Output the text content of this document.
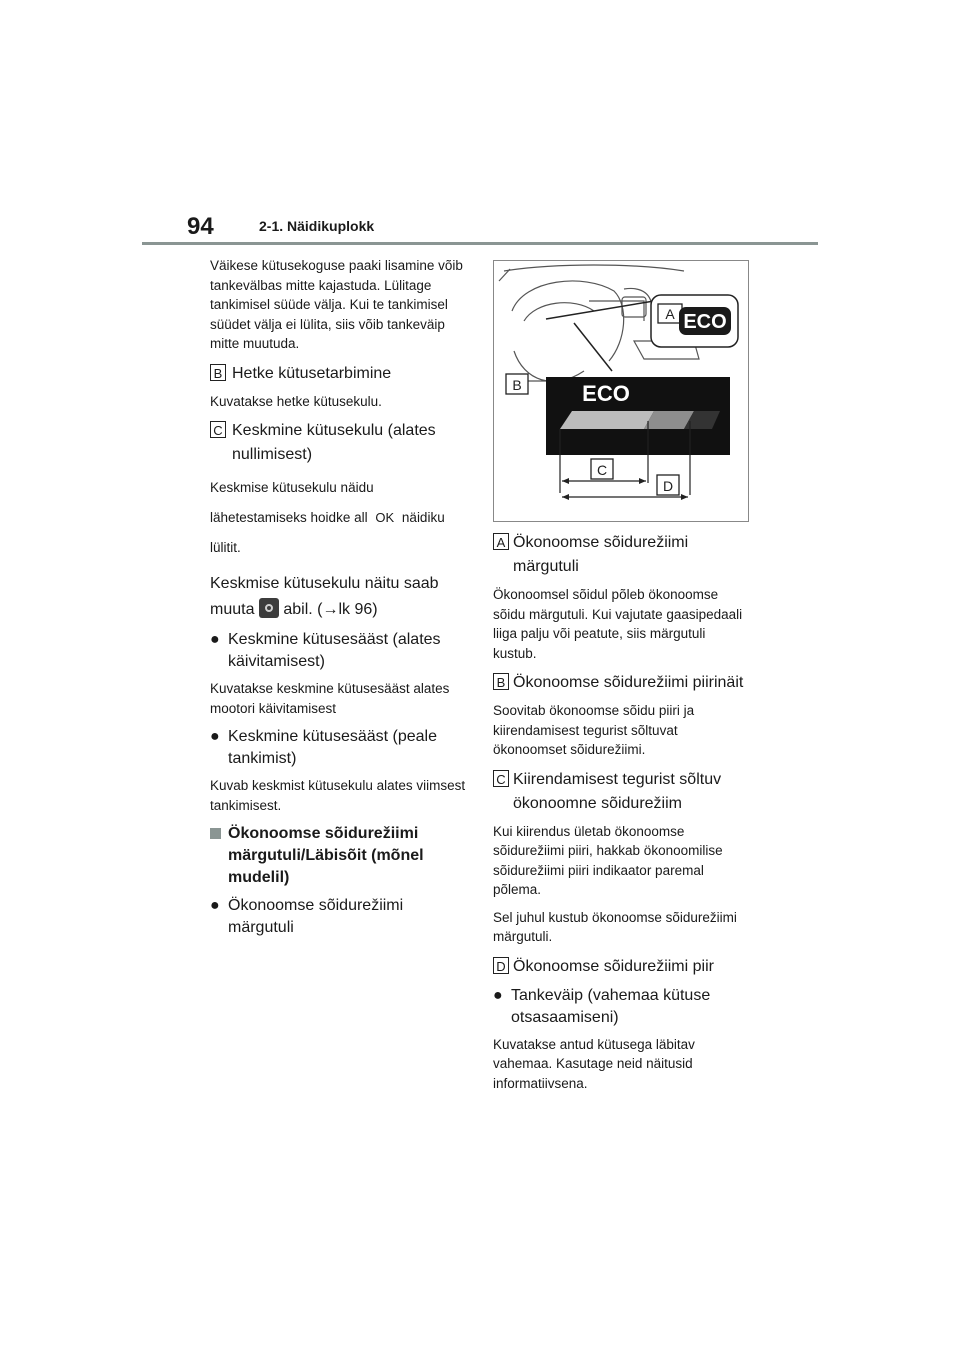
94	2-1. Näidikuplokk

Väikese kütusekoguse paaki lisamine võib tankevälbas mitte kajastuda. Lülitage tankimisel süüde välja. Kui te tankimisel süüdet välja ei lülita, siis võib tankeväip mitte muutuda.

B Hetke kütusetarbimine

Kuvatakse hetke kütusekulu.

C Keskmine kütusekulu (alates nullimisest)

Keskmise kütusekulu näidu lähetestamiseks hoidke all OK näidiku lülitit.

Keskmise kütusekulu näitu saab muuta abil. (→lk 96)

● Keskmine kütusesääst (alates käivitamisest)

Kuvatakse keskmine kütusesääst alates mootori käivitamisest

● Keskmine kütusesääst (peale tankimist)

Kuvab keskmist kütusekulu alates viimsest tankimisest.

Ökonoomse sõidurežiimi märgutuli/Läbisõit (mõnel mudelil)
● Ökonoomse sõidurežiimi märgutuli
A ECO
B	ECO
C
D
A Ökonoomse sõidurežiimi märgutuli

Ökonoomsel sõidul põleb ökonoomse sõidu märgutuli. Kui vajutate gaasipedaali liiga palju või peatute, siis märgutuli kustub.

B Ökonoomse sõidurežiimi piirinäit

Soovitab ökonoomse sõidu piiri ja kiirendamisest tegurist sõltuvat ökonoomset sõidurežiimi.

C Kiirendamisest tegurist sõltuv ökonoomne sõidurežiim

Kui kiirendus ületab ökonoomse sõidurežiimi piiri, hakkab ökonoomilise sõidurežiimi piiri indikaator paremal põlema.

Sel juhul kustub ökonoomse sõidurežiimi märgutuli.

D Ökonoomse sõidurežiimi piir
● Tankeväip (vahemaa kütuse otsasaamiseni)

Kuvatakse antud kütusega läbitav vahemaa. Kasutage neid näitusid informatiivsena.
